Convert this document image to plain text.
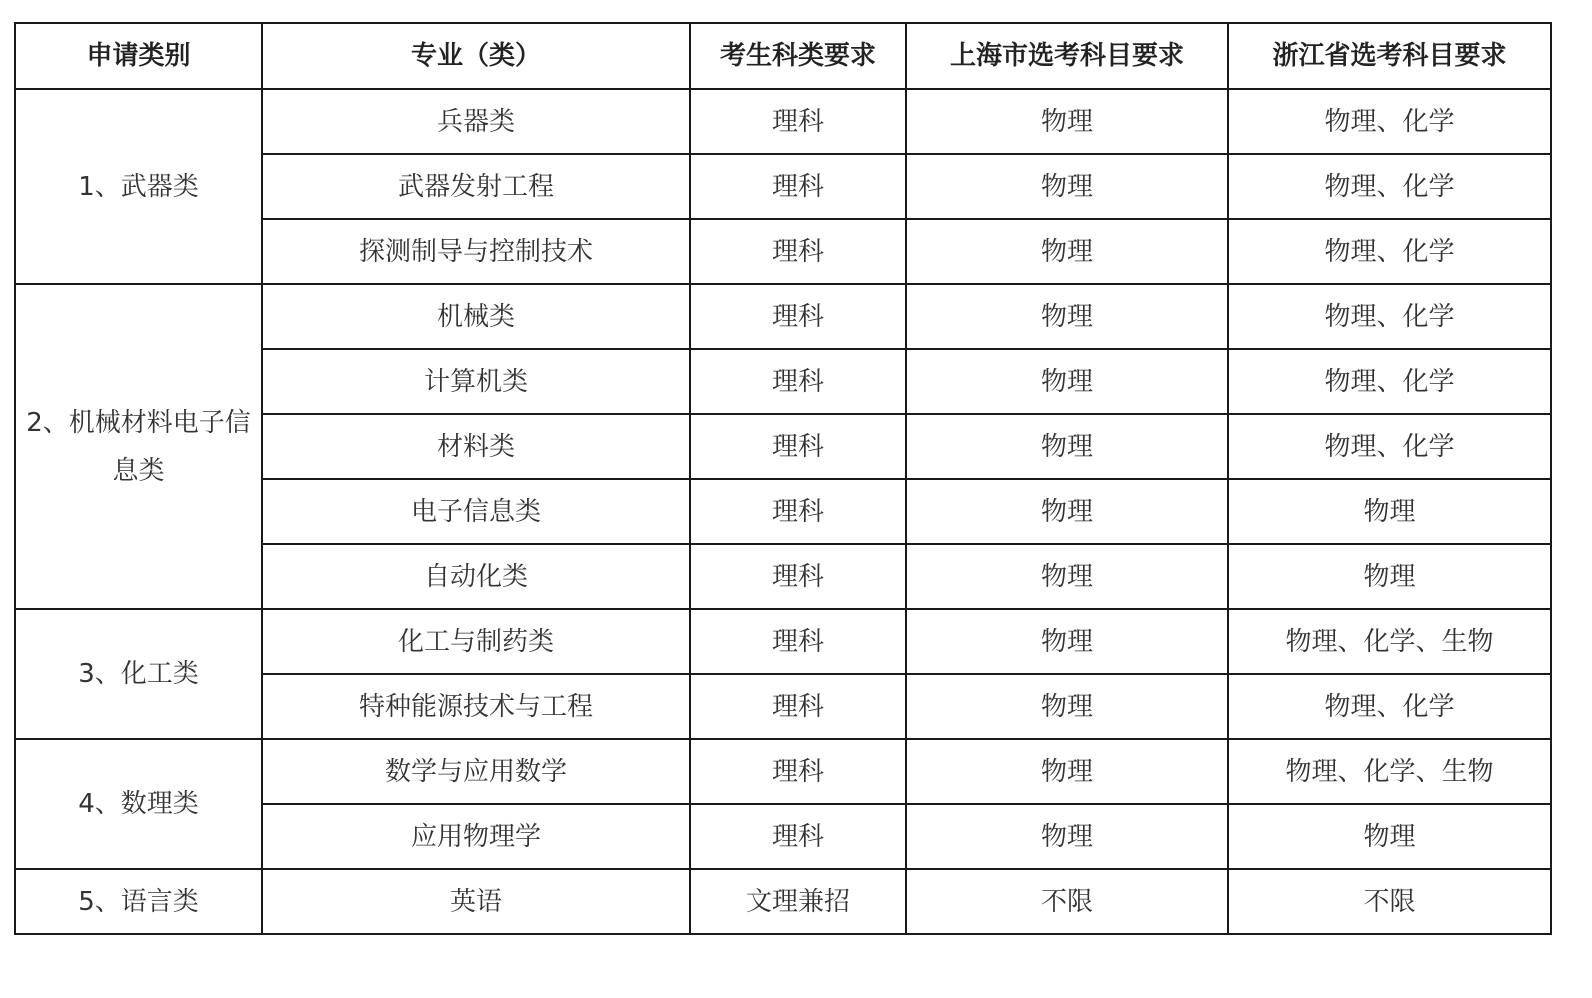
申请类别	专业（类）	考生科类要求	上海市选考科目要求	浙江省选考科目要求
1、武器类	兵器类	理科	物理	物理、化学
	武器发射工程	理科	物理	物理、化学
	探测制导与控制技术	理科	物理	物理、化学
2、机械材料电子信息类	机械类	理科	物理	物理、化学
	计算机类	理科	物理	物理、化学
	材料类	理科	物理	物理、化学
	电子信息类	理科	物理	物理
	自动化类	理科	物理	物理
3、化工类	化工与制药类	理科	物理	物理、化学、生物
	特种能源技术与工程	理科	物理	物理、化学
4、数理类	数学与应用数学	理科	物理	物理、化学、生物
	应用物理学	理科	物理	物理
5、语言类	英语	文理兼招	不限	不限
